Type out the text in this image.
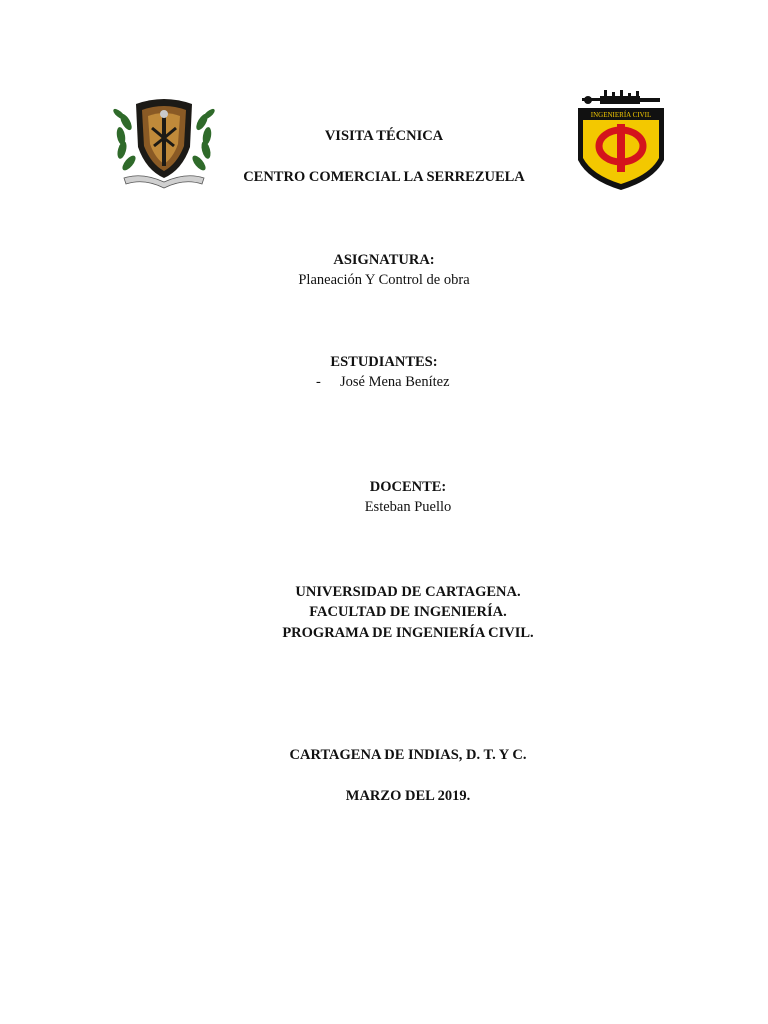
INGENIERÍA CIVIL
VISITA TÉCNICA
CENTRO COMERCIAL LA SERREZUELA
ASIGNATURA:
Planeación Y Control de obra
ESTUDIANTES:
- José Mena Benítez
DOCENTE:
Esteban Puello
UNIVERSIDAD DE CARTAGENA.
FACULTAD DE INGENIERÍA.
PROGRAMA DE INGENIERÍA CIVIL.
CARTAGENA DE INDIAS, D. T. Y C.
MARZO DEL 2019.
